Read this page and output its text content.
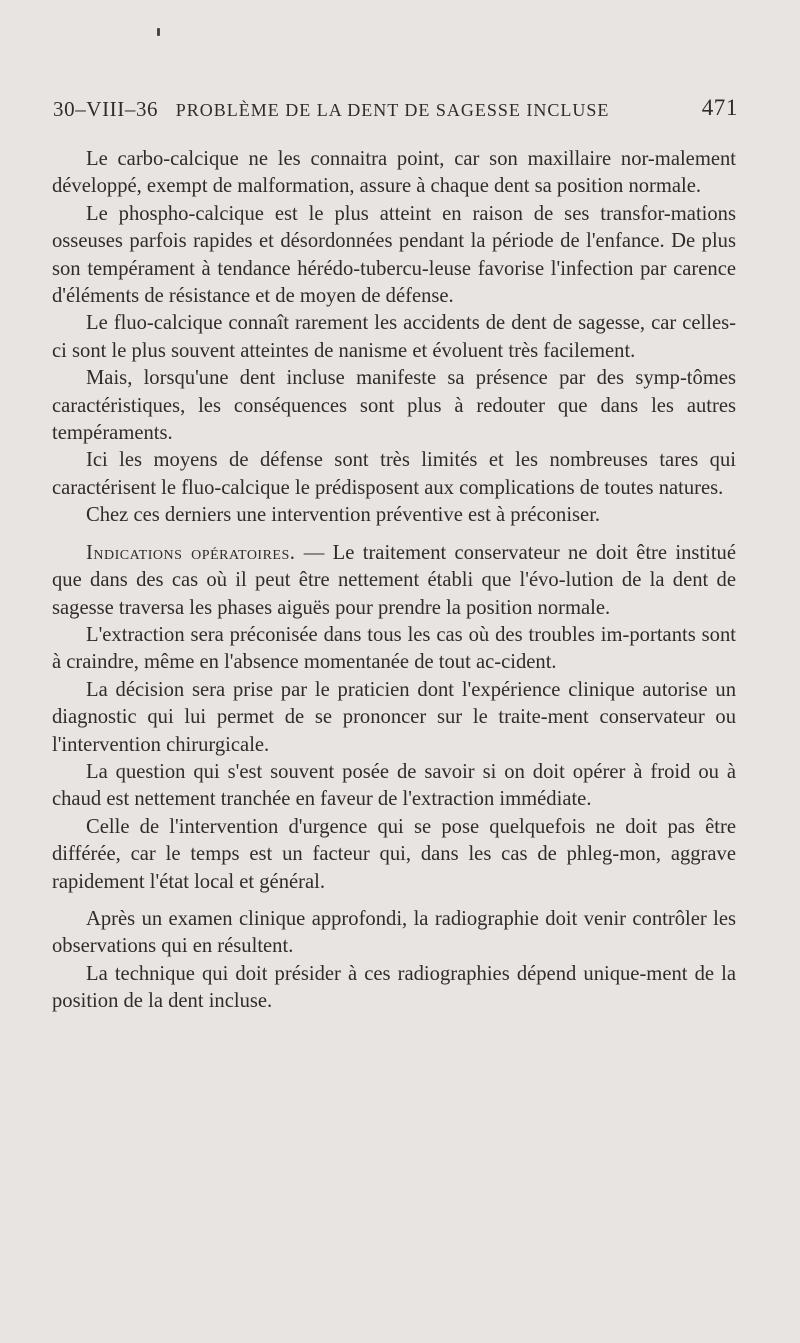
30–VIII–36 PROBLÈME DE LA DENT DE SAGESSE INCLUSE	471

Le carbo-calcique ne les connaitra point, car son maxillaire nor-malement développé, exempt de malformation, assure à chaque dent sa position normale.

Le phospho-calcique est le plus atteint en raison de ses transfor-mations osseuses parfois rapides et désordonnées pendant la période de l'enfance. De plus son tempérament à tendance hérédo-tubercu-leuse favorise l'infection par carence d'éléments de résistance et de moyen de défense.

Le fluo-calcique connaît rarement les accidents de dent de sagesse, car celles-ci sont le plus souvent atteintes de nanisme et évoluent très facilement.

Mais, lorsqu'une dent incluse manifeste sa présence par des symp-tômes caractéristiques, les conséquences sont plus à redouter que dans les autres tempéraments.

Ici les moyens de défense sont très limités et les nombreuses tares qui caractérisent le fluo-calcique le prédisposent aux complications de toutes natures.

Chez ces derniers une intervention préventive est à préconiser.

Indications opératoires. — Le traitement conservateur ne doit être institué que dans des cas où il peut être nettement établi que l'évo-lution de la dent de sagesse traversa les phases aiguës pour prendre la position normale.

L'extraction sera préconisée dans tous les cas où des troubles im-portants sont à craindre, même en l'absence momentanée de tout ac-cident.

La décision sera prise par le praticien dont l'expérience clinique autorise un diagnostic qui lui permet de se prononcer sur le traite-ment conservateur ou l'intervention chirurgicale.

La question qui s'est souvent posée de savoir si on doit opérer à froid ou à chaud est nettement tranchée en faveur de l'extraction immédiate.

Celle de l'intervention d'urgence qui se pose quelquefois ne doit pas être différée, car le temps est un facteur qui, dans les cas de phleg-mon, aggrave rapidement l'état local et général.

Après un examen clinique approfondi, la radiographie doit venir contrôler les observations qui en résultent.

La technique qui doit présider à ces radiographies dépend unique-ment de la position de la dent incluse.
